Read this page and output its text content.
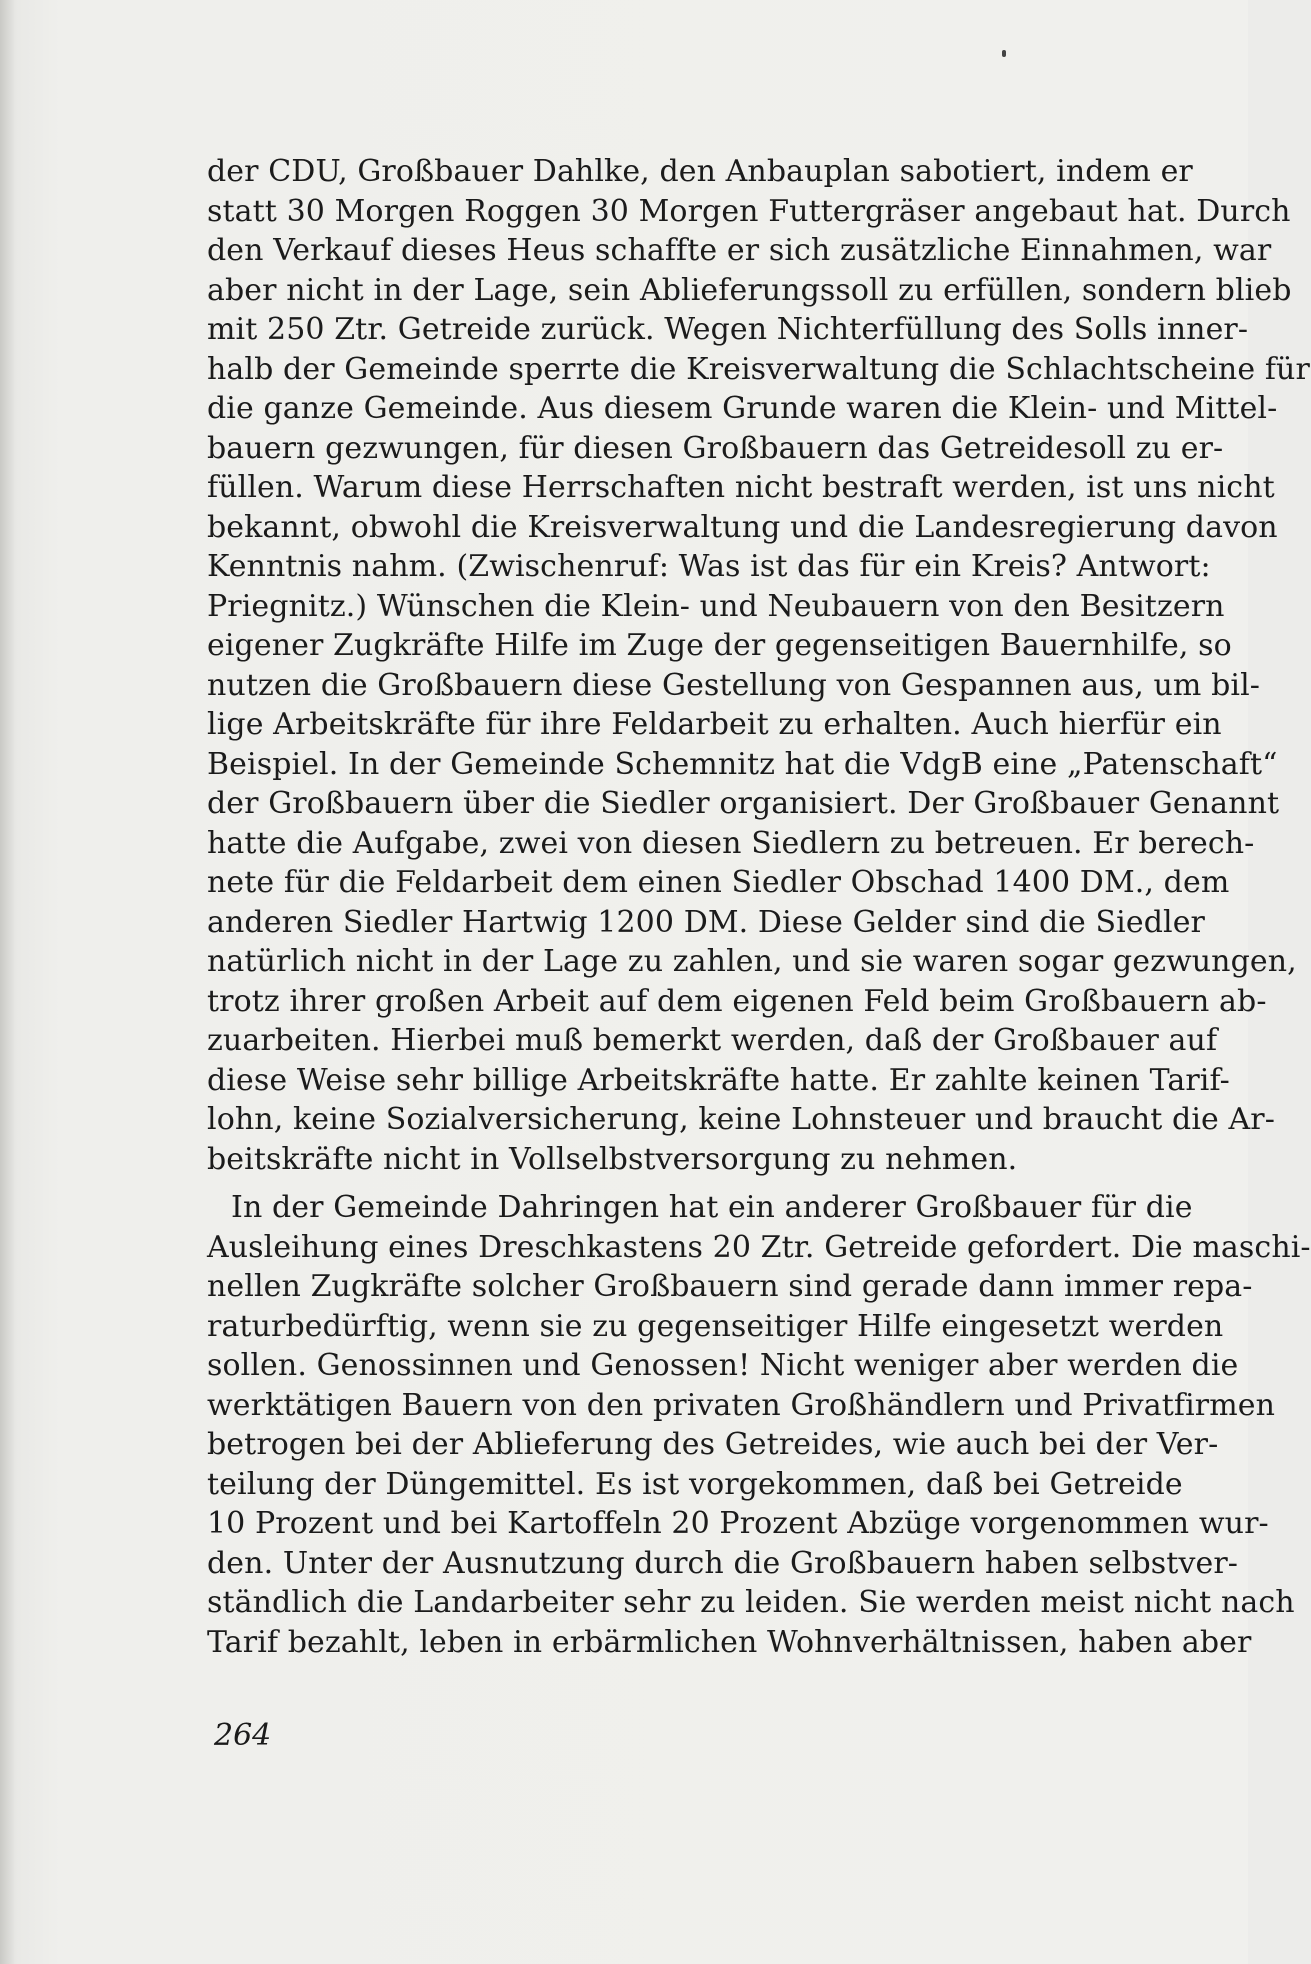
der CDU, Großbauer Dahlke, den Anbauplan sabotiert, indem er
statt 30 Morgen Roggen 30 Morgen Futtergräser angebaut hat. Durch
den Verkauf dieses Heus schaffte er sich zusätzliche Einnahmen, war
aber nicht in der Lage, sein Ablieferungssoll zu erfüllen, sondern blieb
mit 250 Ztr. Getreide zurück. Wegen Nichterfüllung des Solls inner-
halb der Gemeinde sperrte die Kreisverwaltung die Schlachtscheine für
die ganze Gemeinde. Aus diesem Grunde waren die Klein- und Mittel-
bauern gezwungen, für diesen Großbauern das Getreidesoll zu er-
füllen. Warum diese Herrschaften nicht bestraft werden, ist uns nicht
bekannt, obwohl die Kreisverwaltung und die Landesregierung davon
Kenntnis nahm. (Zwischenruf: Was ist das für ein Kreis? Antwort:
Priegnitz.) Wünschen die Klein- und Neubauern von den Besitzern
eigener Zugkräfte Hilfe im Zuge der gegenseitigen Bauernhilfe, so
nutzen die Großbauern diese Gestellung von Gespannen aus, um bil-
lige Arbeitskräfte für ihre Feldarbeit zu erhalten. Auch hierfür ein
Beispiel. In der Gemeinde Schemnitz hat die VdgB eine „Patenschaft“
der Großbauern über die Siedler organisiert. Der Großbauer Genannt
hatte die Aufgabe, zwei von diesen Siedlern zu betreuen. Er berech-
nete für die Feldarbeit dem einen Siedler Obschad 1400 DM., dem
anderen Siedler Hartwig 1200 DM. Diese Gelder sind die Siedler
natürlich nicht in der Lage zu zahlen, und sie waren sogar gezwungen,
trotz ihrer großen Arbeit auf dem eigenen Feld beim Großbauern ab-
zuarbeiten. Hierbei muß bemerkt werden, daß der Großbauer auf
diese Weise sehr billige Arbeitskräfte hatte. Er zahlte keinen Tarif-
lohn, keine Sozialversicherung, keine Lohnsteuer und braucht die Ar-
beitskräfte nicht in Vollselbstversorgung zu nehmen.
In der Gemeinde Dahringen hat ein anderer Großbauer für die
Ausleihung eines Dreschkastens 20 Ztr. Getreide gefordert. Die maschi-
nellen Zugkräfte solcher Großbauern sind gerade dann immer repa-
raturbedürftig, wenn sie zu gegenseitiger Hilfe eingesetzt werden
sollen. Genossinnen und Genossen! Nicht weniger aber werden die
werktätigen Bauern von den privaten Großhändlern und Privatfirmen
betrogen bei der Ablieferung des Getreides, wie auch bei der Ver-
teilung der Düngemittel. Es ist vorgekommen, daß bei Getreide
10 Prozent und bei Kartoffeln 20 Prozent Abzüge vorgenommen wur-
den. Unter der Ausnutzung durch die Großbauern haben selbstver-
ständlich die Landarbeiter sehr zu leiden. Sie werden meist nicht nach
Tarif bezahlt, leben in erbärmlichen Wohnverhältnissen, haben aber
264
